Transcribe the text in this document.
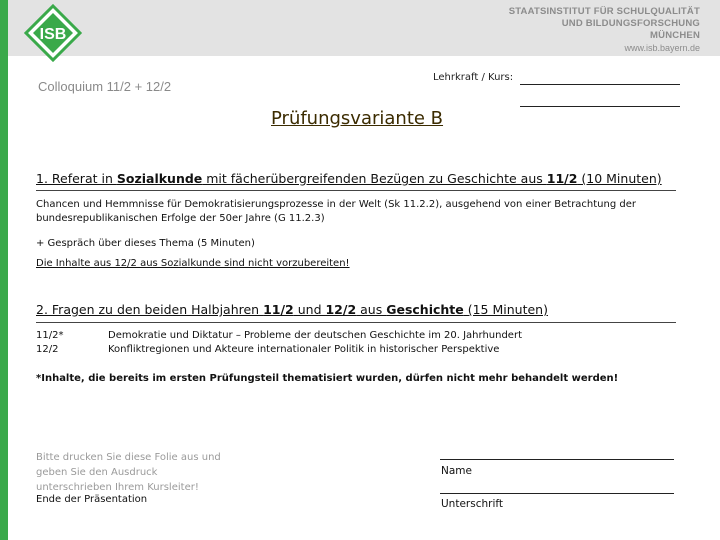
ISB
STAATSINSTITUT FÜR SCHULQUALITÄT
UND BILDUNGSFORSCHUNG
MÜNCHEN
www.isb.bayern.de
Colloquium 11/2 + 12/2
Lehrkraft / Kurs:
Prüfungsvariante B
1. Referat in Sozialkunde mit fächerübergreifenden Bezügen zu Geschichte aus 11/2 (10 Minuten)
Chancen und Hemmnisse für Demokratisierungsprozesse in der Welt (Sk 11.2.2), ausgehend von einer Betrachtung der bundesrepublikanischen Erfolge der 50er Jahre (G 11.2.3)
+ Gespräch über dieses Thema (5 Minuten)
Die Inhalte aus 12/2 aus Sozialkunde sind nicht vorzubereiten!
2. Fragen zu den beiden Halbjahren 11/2 und 12/2 aus Geschichte (15 Minuten)
11/2*	Demokratie und Diktatur – Probleme der deutschen Geschichte im 20. Jahrhundert
12/2	Konfliktregionen und Akteure internationaler Politik in historischer Perspektive
*Inhalte, die bereits im ersten Prüfungsteil thematisiert wurden, dürfen nicht mehr behandelt werden!
Bitte drucken Sie diese Folie aus und geben Sie den Ausdruck unterschrieben Ihrem Kursleiter!
Ende der Präsentation
Name
Unterschrift
